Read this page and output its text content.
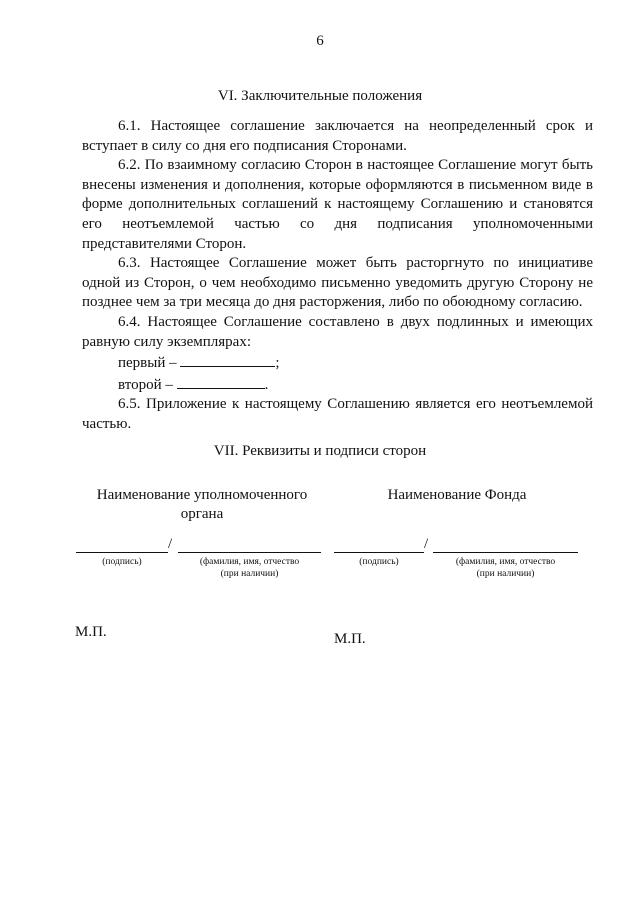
6
VI. Заключительные положения

6.1. Настоящее соглашение заключается на неопределенный срок и вступает в силу со дня его подписания Сторонами.

6.2. По взаимному согласию Сторон в настоящее Соглашение могут быть внесены изменения и дополнения, которые оформляются в письменном виде в форме дополнительных соглашений к настоящему Соглашению и становятся его неотъемлемой частью со дня подписания уполномоченными представителями Сторон.

6.3. Настоящее Соглашение может быть расторгнуто по инициативе одной из Сторон, о чем необходимо письменно уведомить другую Сторону не позднее чем за три месяца до дня расторжения, либо по обоюдному согласию.

6.4. Настоящее Соглашение составлено в двух подлинных и имеющих равную силу экземплярах:

первый –	;

второй –	.

6.5. Приложение к настоящему Соглашению является его неотъемлемой частью.

VII. Реквизиты и подписи сторон
Наименование уполномоченного
органа
Наименование Фонда
/
(подпись)	(фамилия, имя, отчество
(при наличии)
/
(подпись)	(фамилия, имя, отчество
(при наличии)
М.П.	М.П.
